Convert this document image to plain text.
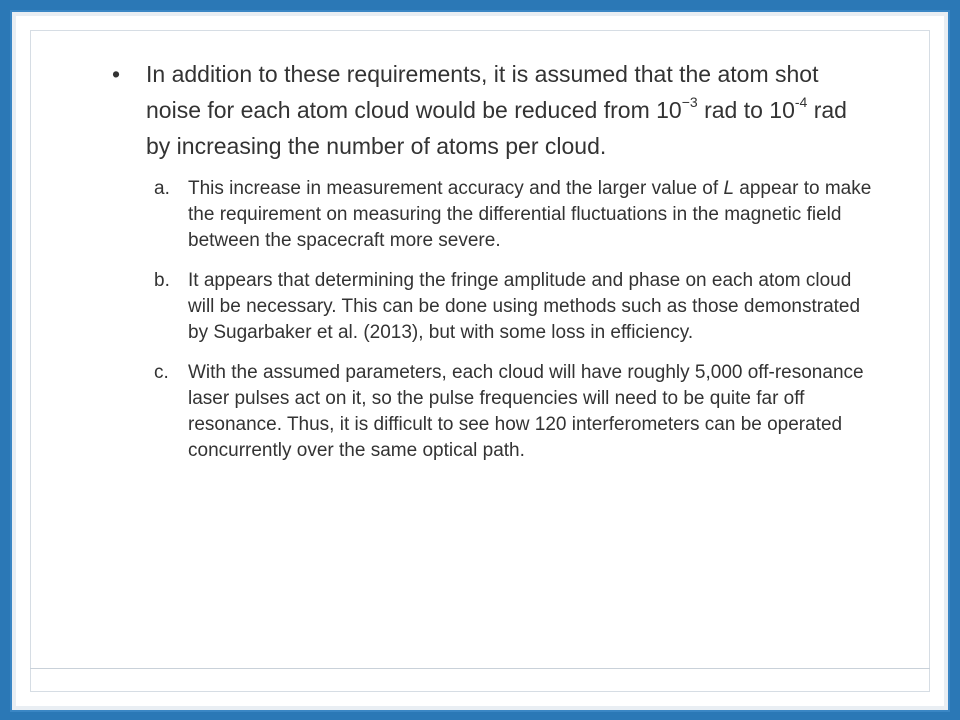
•	In addition to these requirements, it is assumed that the atom shot noise for each atom cloud would be reduced from $10^{-3}$ rad to $10^{-4}$ rad by increasing the number of atoms per cloud.
a. This increase in measurement accuracy and the larger value of L appear to make the requirement on measuring the differential fluctuations in the magnetic field between the spacecraft more severe.
b. It appears that determining the fringe amplitude and phase on each atom cloud will be necessary. This can be done using methods such as those demonstrated by Sugarbaker et al. (2013), but with some loss in efficiency.
c.	With the assumed parameters, each cloud will have roughly 5,000 off-resonance laser pulses act on it, so the pulse frequencies will need to be quite far off resonance. Thus, it is difficult to see how 120 interferometers can be operated concurrently over the same optical path.
